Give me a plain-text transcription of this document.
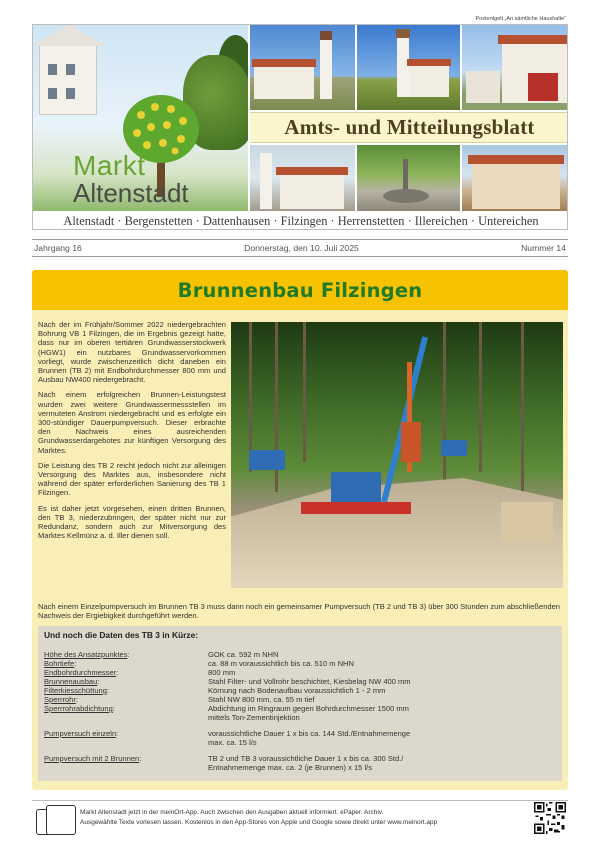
Postentgelt „An sämtliche Haushalte“
Markt
Altenstadt
Amts- und Mitteilungsblatt
Altenstadt · Bergenstetten · Dattenhausen · Filzingen · Herrenstetten · Illereichen · Untereichen
Jahrgang 16	Donnerstag, den 10. Juli 2025	Nummer 14
Brunnenbau Filzingen

Nach der im Frühjahr/Sommer 2022 niedergebrachten Bohrung VB 1 Filzingen, die im Ergebnis gezeigt hatte, dass nur im oberen tertiären Grundwasserstockwerk (HGW1) ein nutzbares Grundwasservorkommen vorliegt, wurde zwischenzeitlich dicht daneben ein Brunnen (TB 2) mit Endbohrdurchmesser 800 mm und Ausbau NW400 niedergebracht.

Nach einem erfolgreichen Brunnen-Leistungstest wurden zwei weitere Grundwassermessstellen im vermuteten Anstrom niedergebracht und es erfolgte ein 300-stündiger Dauerpumpversuch. Dieser erbrachte den Nachweis eines ausreichenden Grundwasserdargebotes zur künftigen Versorgung des Marktes.

Die Leistung des TB 2 reicht jedoch nicht zur alleinigen Versorgung des Marktes aus, insbesondere nicht während der später erforderlichen Sanierung des TB 1 Filzingen.

Es ist daher jetzt vorgesehen, einen dritten Brunnen, den TB 3, niederzubringen, der später nicht nur zur Redundanz, sondern auch zur Mitversorgung des Marktes Kellmünz a. d. Iller dienen soll.

Nach einem Einzelpumpversuch im Brunnen TB 3 muss dann noch ein gemeinsamer Pumpversuch (TB 2 und TB 3) über 300 Stunden zum abschließenden Nachweis der Ergiebigkeit durchgeführt werden.
Und noch die Daten des TB 3 in Kürze:
Höhe des Ansatzpunktes:	GOK ca. 592 m NHN
Bohrtiefe:	ca. 88 m voraussichtlich bis ca. 510 m NHN
Endbohrdurchmesser:	800 mm
Brunnenausbau:	Stahl Filter- und Vollrohr beschichtet, Kiesbelag NW 400 mm
Filterkiesschüttung:	Körnung nach Bodenaufbau voraussichtlich 1 - 2 mm
Sperrrohr:	Stahl NW 800 mm, ca. 55 m tief
Sperrrohrabdichtung:	Abdichtung im Ringraum gegen Bohrdurchmesser 1500 mm
mittels Ton-Zementinjektion
Pumpversuch einzeln:	voraussichtliche Dauer 1 x bis ca. 144 Std./Entnahmemenge
max. ca. 15 l/s
Pumpversuch mit 2 Brunnen:	TB 2 und TB 3 voraussichtliche Dauer 1 x bis ca. 300 Std./
Entnahmemenge max. ca. 2 (je Brunnen) x 15 l/s
Markt Altenstadt jetzt in der meinOrt-App. Auch zwischen den Ausgaben aktuell informiert. ePaper. Archiv.
Ausgewählte Texte vorlesen lassen. Kostenlos in den App-Stores von Apple und Google sowie direkt unter www.meinort.app
